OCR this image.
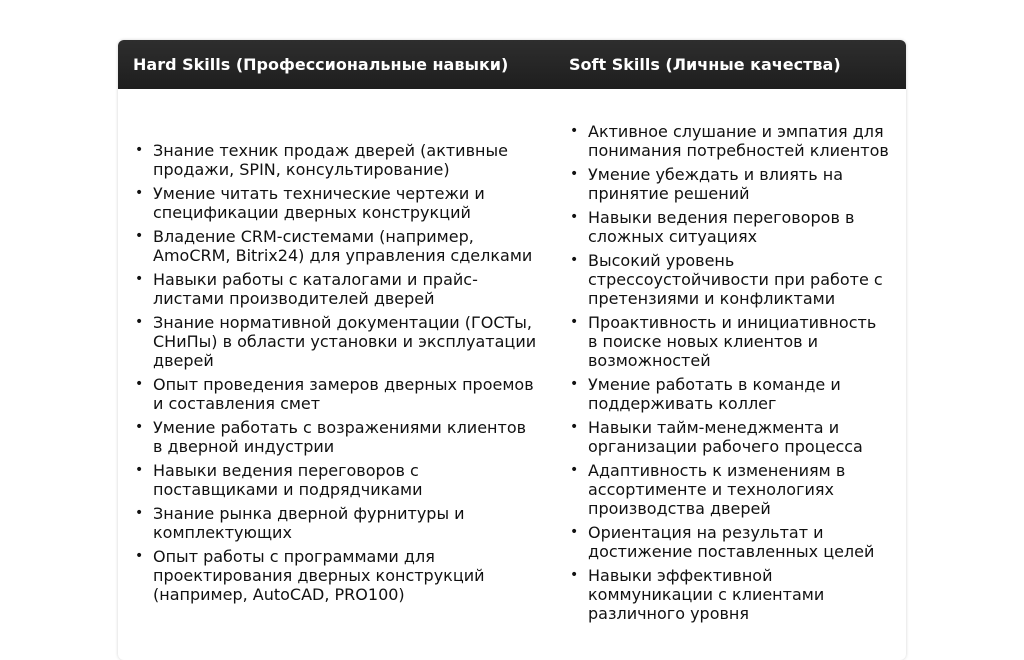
Hard Skills (Профессиональные навыки)	Soft Skills (Личные качества)
• Знание техник продаж дверей (активные продажи, SPIN, консультирование)
• Умение читать технические чертежи и спецификации дверных конструкций
• Владение CRM-системами (например, AmoCRM, Bitrix24) для управления сделками
• Навыки работы с каталогами и прайс-листами производителей дверей
• Знание нормативной документации (ГОСТы, СНиПы) в области установки и эксплуатации дверей
• Опыт проведения замеров дверных проемов и составления смет
• Умение работать с возражениями клиентов в дверной индустрии
• Навыки ведения переговоров с поставщиками и подрядчиками
• Знание рынка дверной фурнитуры и комплектующих
• Опыт работы с программами для проектирования дверных конструкций (например, AutoCAD, PRO100)
• Активное слушание и эмпатия для понимания потребностей клиентов
• Умение убеждать и влиять на принятие решений
• Навыки ведения переговоров в сложных ситуациях
• Высокий уровень стрессоустойчивости при работе с претензиями и конфликтами
• Проактивность и инициативность в поиске новых клиентов и возможностей
• Умение работать в команде и поддерживать коллег
• Навыки тайм-менеджмента и организации рабочего процесса
• Адаптивность к изменениям в ассортименте и технологиях производства дверей
• Ориентация на результат и достижение поставленных целей
• Навыки эффективной коммуникации с клиентами различного уровня
